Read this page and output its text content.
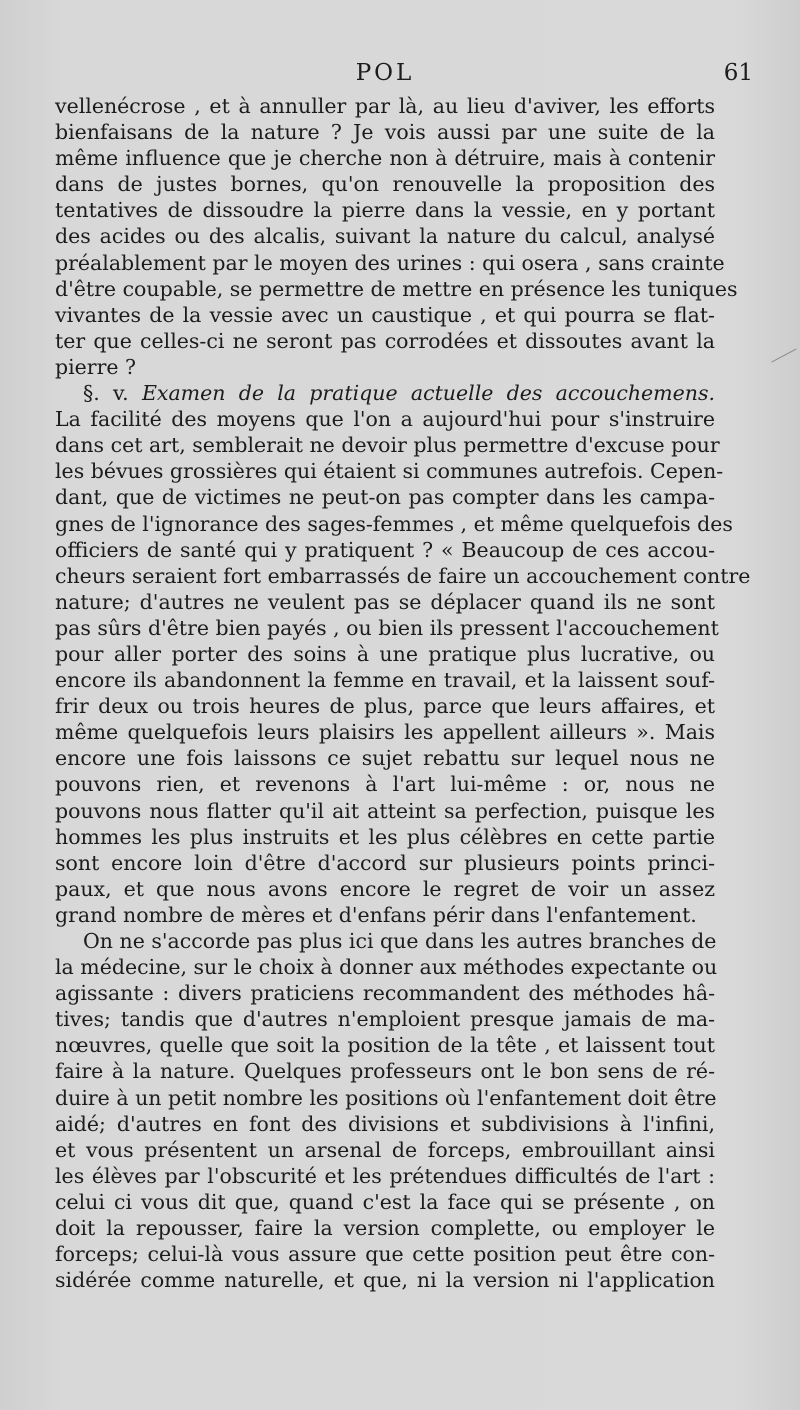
POL	61
vellenécrose , et à annuller par là, au lieu d'aviver, les efforts
bienfaisans de la nature ? Je vois aussi par une suite de la
même influence que je cherche non à détruire, mais à contenir
dans de justes bornes, qu'on renouvelle la proposition des
tentatives de dissoudre la pierre dans la vessie, en y portant
des acides ou des alcalis, suivant la nature du calcul, analysé
préalablement par le moyen des urines : qui osera , sans crainte
d'être coupable, se permettre de mettre en présence les tuniques
vivantes de la vessie avec un caustique , et qui pourra se flat-
ter que celles-ci ne seront pas corrodées et dissoutes avant la
pierre ?
§. v. Examen de la pratique actuelle des accouchemens.
La facilité des moyens que l'on a aujourd'hui pour s'instruire
dans cet art, semblerait ne devoir plus permettre d'excuse pour
les bévues grossières qui étaient si communes autrefois. Cepen-
dant, que de victimes ne peut-on pas compter dans les campa-
gnes de l'ignorance des sages-femmes , et même quelquefois des
officiers de santé qui y pratiquent ? « Beaucoup de ces accou-
cheurs seraient fort embarrassés de faire un accouchement contre
nature; d'autres ne veulent pas se déplacer quand ils ne sont
pas sûrs d'être bien payés , ou bien ils pressent l'accouchement
pour aller porter des soins à une pratique plus lucrative, ou
encore ils abandonnent la femme en travail, et la laissent souf-
frir deux ou trois heures de plus, parce que leurs affaires, et
même quelquefois leurs plaisirs les appellent ailleurs ». Mais
encore une fois laissons ce sujet rebattu sur lequel nous ne
pouvons rien, et revenons à l'art lui-même : or, nous ne
pouvons nous flatter qu'il ait atteint sa perfection, puisque les
hommes les plus instruits et les plus célèbres en cette partie
sont encore loin d'être d'accord sur plusieurs points princi-
paux, et que nous avons encore le regret de voir un assez
grand nombre de mères et d'enfans périr dans l'enfantement.
On ne s'accorde pas plus ici que dans les autres branches de
la médecine, sur le choix à donner aux méthodes expectante ou
agissante : divers praticiens recommandent des méthodes hâ-
tives; tandis que d'autres n'emploient presque jamais de ma-
nœuvres, quelle que soit la position de la tête , et laissent tout
faire à la nature. Quelques professeurs ont le bon sens de ré-
duire à un petit nombre les positions où l'enfantement doit être
aidé; d'autres en font des divisions et subdivisions à l'infini,
et vous présentent un arsenal de forceps, embrouillant ainsi
les élèves par l'obscurité et les prétendues difficultés de l'art :
celui ci vous dit que, quand c'est la face qui se présente , on
doit la repousser, faire la version complette, ou employer le
forceps; celui-là vous assure que cette position peut être con-
sidérée comme naturelle, et que, ni la version ni l'application
